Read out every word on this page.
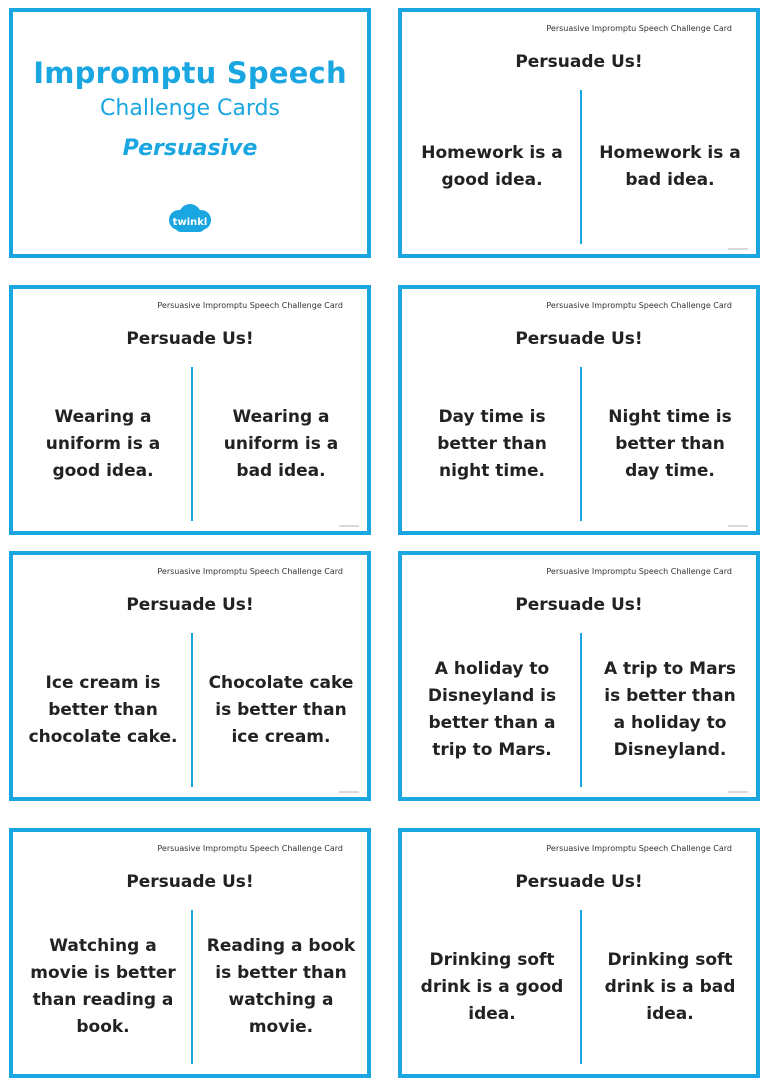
Impromptu Speech
Challenge Cards
Persuasive
twinkl
Persuasive Impromptu Speech Challenge Card
Persuade Us!
Homework is a
good idea.
Homework is a
bad idea.
Persuasive Impromptu Speech Challenge Card
Persuade Us!
Wearing a
uniform is a
good idea.
Wearing a
uniform is a
bad idea.
Persuasive Impromptu Speech Challenge Card
Persuade Us!
Day time is
better than
night time.
Night time is
better than
day time.
Persuasive Impromptu Speech Challenge Card
Persuade Us!
Ice cream is
better than
chocolate cake.
Chocolate cake
is better than
ice cream.
Persuasive Impromptu Speech Challenge Card
Persuade Us!
A holiday to
Disneyland is
better than a
trip to Mars.
A trip to Mars
is better than
a holiday to
Disneyland.
Persuasive Impromptu Speech Challenge Card
Persuade Us!
Watching a
movie is better
than reading a
book.
Reading a book
is better than
watching a
movie.
Persuasive Impromptu Speech Challenge Card
Persuade Us!
Drinking soft
drink is a good
idea.
Drinking soft
drink is a bad
idea.
